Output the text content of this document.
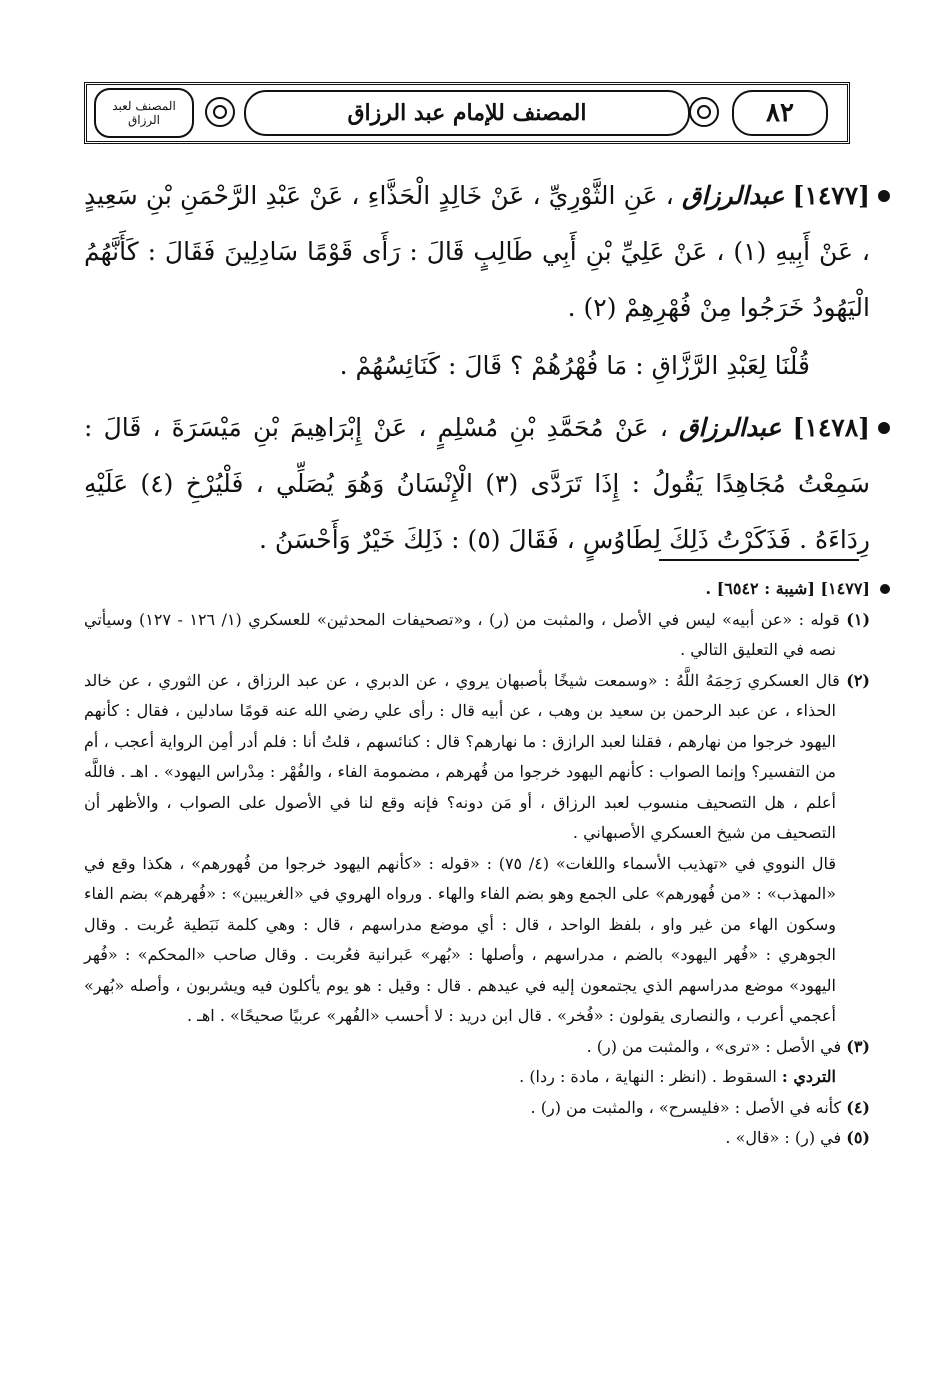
المصنف لعبد الرزاق	المصنف للإمام عبد الرزاق	٨٢

[١٤٧٧] عبدالرزاق ، عَنِ الثَّوْرِيِّ ، عَنْ خَالِدٍ الْحَذَّاءِ ، عَنْ عَبْدِ الرَّحْمَنِ بْنِ سَعِيدٍ ، عَنْ أَبِيهِ (١) ، عَنْ عَلِيِّ بْنِ أَبِي طَالِبٍ قَالَ : رَأَى قَوْمًا سَادِلِينَ فَقَالَ : كَأَنَّهُمُ الْيَهُودُ خَرَجُوا مِنْ فُهْرِهِمْ (٢) .

قُلْنَا لِعَبْدِ الرَّزَّاقِ : مَا فُهْرُهُمْ ؟ قَالَ : كَنَائِسُهُمْ .

[١٤٧٨] عبدالرزاق ، عَنْ مُحَمَّدِ بْنِ مُسْلِمٍ ، عَنْ إِبْرَاهِيمَ بْنِ مَيْسَرَةَ ، قَالَ : سَمِعْتُ مُجَاهِدًا يَقُولُ : إِذَا تَرَدَّى (٣) الْإِنْسَانُ وَهُوَ يُصَلِّي ، فَلْيُرْخِ (٤) عَلَيْهِ رِدَاءَهُ . فَذَكَرْتُ ذَلِكَ لِطَاوُسٍ ، فَقَالَ (٥) : ذَلِكَ خَيْرٌ وَأَحْسَنُ .

[١٤٧٧] [شيبة : ٦٥٤٢] .

(١) قوله : «عن أبيه» ليس في الأصل ، والمثبت من (ر) ، و«تصحيفات المحدثين» للعسكري (١/ ١٢٦ - ١٢٧) وسيأتي نصه في التعليق التالي .

(٢) قال العسكري رَحِمَهُ اللَّهُ : «وسمعت شيخًا بأصبهان يروي ، عن الدبري ، عن عبد الرزاق ، عن الثوري ، عن خالد الحذاء ، عن عبد الرحمن بن سعيد بن وهب ، عن أبيه قال : رأى علي رضي الله عنه قومًا سادلين ، فقال : كأنهم اليهود خرجوا من نهارهم ، فقلنا لعبد الرازق : ما نهارهم؟ قال : كنائسهم ، قلتُ أنا : فلم أدر أمِن الرواية أعجب ، أم من التفسير؟ وإنما الصواب : كأنهم اليهود خرجوا من فُهرهم ، مضمومة الفاء ، والفُهْر : مِدْراس اليهود» . اهـ . فاللَّه أعلم ، هل التصحيف منسوب لعبد الرزاق ، أو مَن دونه؟ فإنه وقع لنا في الأصول على الصواب ، والأظهر أن التصحيف من شيخ العسكري الأصبهاني .

قال النووي في «تهذيب الأسماء واللغات» (٤/ ٧٥) : «قوله : «كأنهم اليهود خرجوا من فُهورهم» ، هكذا وقع في «المهذب» : «من فُهورهم» على الجمع وهو بضم الفاء والهاء . ورواه الهروي في «الغريبين» : «فُهرهم» بضم الفاء وسكون الهاء من غير واو ، بلفظ الواحد ، قال : أي موضع مدراسهم ، قال : وهي كلمة نَبَطية عُربت . وقال الجوهري : «فُهر اليهود» بالضم ، مدراسهم ، وأصلها : «بُهر» عَبرانية فعُربت . وقال صاحب «المحكم» : «فُهر اليهود» موضع مدراسهم الذي يجتمعون إليه في عيدهم . قال : وقيل : هو يوم يأكلون فيه ويشربون ، وأصله «بُهر» أعجمي أعرب ، والنصارى يقولون : «فُخر» . قال ابن دريد : لا أحسب «الفُهر» عربيًا صحيحًا» . اهـ .

(٣) في الأصل : «ترى» ، والمثبت من (ر) .

التردي : السقوط . (انظر : النهاية ، مادة : ردا) .

(٤) كأنه في الأصل : «فليسرح» ، والمثبت من (ر) .

(٥) في (ر) : «قال» .
